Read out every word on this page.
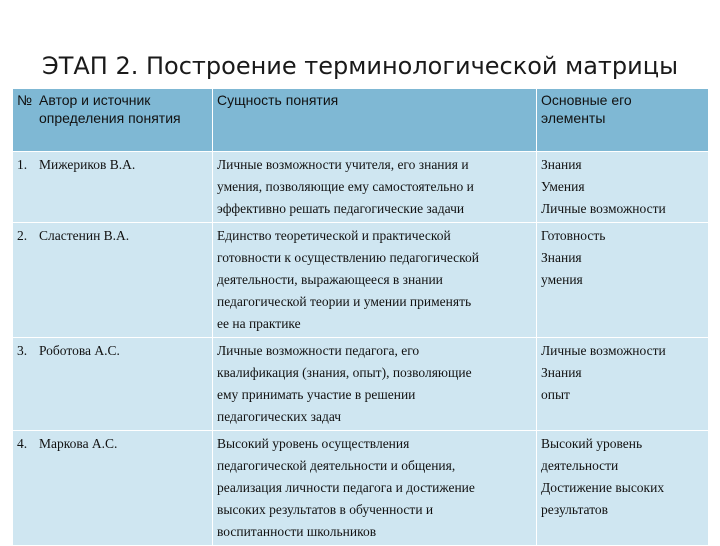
ЭТАП 2. Построение терминологической матрицы
№ Автор и источник
определения понятия	Сущность понятия	Основные его
элементы

1. Мижериков В.А.	Личные возможности учителя, его знания и
умения, позволяющие ему самостоятельно и
эффективно решать педагогические задачи	Знания
Умения
Личные возможности

2. Сластенин В.А.	Единство теоретической и практической
готовности к осуществлению педагогической
деятельности, выражающееся в знании
педагогической теории и умении применять
ее на практике	Готовность
Знания
умения

3. Роботова А.С.	Личные возможности педагога, его
квалификация (знания, опыт), позволяющие
ему принимать участие в решении
педагогических задач	Личные возможности
Знания
опыт

4. Маркова А.С.	Высокий уровень осуществления
педагогической деятельности и общения,
реализация личности педагога и достижение
высоких результатов в обученности и
воспитанности школьников	Высокий уровень
деятельности
Достижение высоких
результатов
